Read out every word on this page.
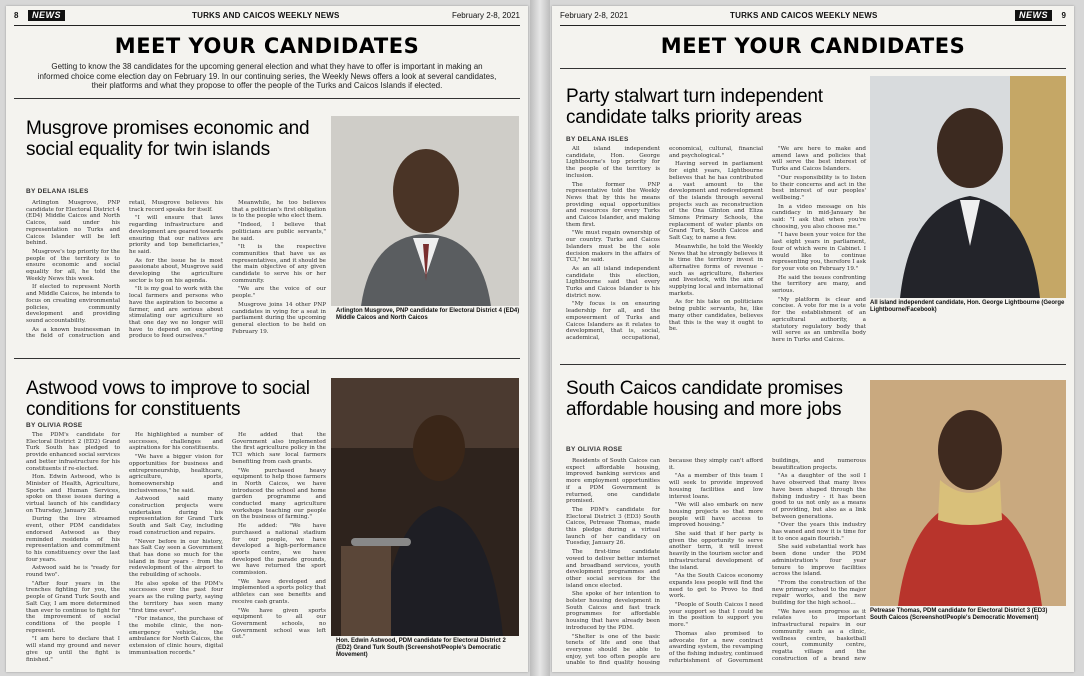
8	NEWS	TURKS AND CAICOS WEEKLY NEWS	February 2-8, 2021
MEET YOUR CANDIDATES
Getting to know the 38 candidates for the upcoming general election and what they have to offer is important in making an informed choice come election day on February 19. In our continuing series, the Weekly News offers a look at several candidates, their platforms and what they propose to offer the people of the Turks and Caicos Islands if elected.
Musgrove promises economic and social equality for twin islands
BY DELANA ISLES

Arlington Musgrove, PNP candidate for Electoral District 4 (ED4) Middle Caicos and North Caicos, said under his representation no Turks and Caicos Islander will be left behind.

Musgrove's top priority for the people of the territory is to ensure economic and social equality for all, he told the Weekly News this week.

If elected to represent North and Middle Caicos, he intends to focus on creating environmental policies, community development and providing sound accountability.

As a known businessman in the field of construction and retail, Musgrove believes his track record speaks for itself.

"I will ensure that laws regarding infrastructure and development are geared towards ensuring that our natives are priority and top beneficiaries," he said.

As for the issue he is most passionate about, Musgrove said developing the agriculture sector is top on his agenda.

"It is my goal to work with the local farmers and persons who have the aspiration to become a farmer, and are serious about stimulating our agriculture so that one day we no longer will have to depend on exporting produce to feed ourselves."

Meanwhile, he too believes that a politician's first obligation is to the people who elect them.

"Indeed, I believe that politicians are public servants," he said.

"It is the respective communities that have us as representatives, and it should be the main objective of any given candidate to serve his or her community.

"We are the voice of our people."

Musgrove joins 14 other PNP candidates in vying for a seat in parliament during the upcoming general election to be held on February 19.

Arlington Musgrove, PNP candidate for Electoral District 4 (ED4) Middle Caicos and North Caicos
Astwood vows to improve to social conditions for constituents
BY OLIVIA ROSE

The PDM's candidate for Electoral District 2 (ED2) Grand Turk South has pledged to provide enhanced social services and better infrastructure for his constituents if re-elected.

Hon. Edwin Astwood, who is Minister of Health, Agriculture, Sports and Human Services, spoke on these issues during a virtual launch of his candidacy on Thursday, January 28.

During the live streamed event, other PDM candidates endorsed Astwood as they reminded residents of his representation and commitment to his constituency over the last four years.

Astwood said he is "ready for round two".

"After four years in the trenches fighting for you, the people of Grand Turk South and Salt Cay, I am more determined than ever to continue to fight for the improvement of social conditions of the people I represent.

"I am here to declare that I will stand my ground and never give up until the fight is finished."

He highlighted a number of successes, challenges and aspirations for his constituents.

"We have a bigger vision for opportunities for business and entrepreneurship, healthcare, agriculture, sports, homeownership and inclusiveness," he said.

Astwood said many construction projects were undertaken during his representation for Grand Turk South and Salt Cay, including road construction and repairs.

"Never before in our history, has Salt Cay seen a Government that has done so much for the island in four years - from the redevelopment of the airport to the rebuilding of schools.

He also spoke of the PDM's successes over the past four years as the ruling party, saying the territory has seen many "first time ever".

"For instance, the purchase of the mobile clinic, the non-emergency vehicle, the ambulance for North Caicos, the extension of clinic hours, digital immunisation records."

He added that the Government also implemented the first agriculture policy in the TCI which saw local farmers benefiting from cash grants.

"We purchased heavy equipment to help those farmers in North Caicos, we have introduced the school and home garden programme and conducted many agriculture workshops teaching our people on the business of farming."

He added: "We have purchased a national stadium for our people, we have developed a high-performance sports centre, we have developed the parade grounds, we have returned the sport commission.

"We have developed and implemented a sports policy that athletes can see benefits and receive cash grants.

"We have given sports equipment to all our Government schools, no Government school was left out."

Hon. Edwin Astwood, PDM candidate for Electoral District 2 (ED2) Grand Turk South (Screenshot/People's Democratic Movement)
February 2-8, 2021	TURKS AND CAICOS WEEKLY NEWS	NEWS	9
MEET YOUR CANDIDATES
Party stalwart turn independent candidate talks priority areas
BY DELANA ISLES

All island independent candidate, Hon. George Lightbourne's top priority for the people of the territory is inclusion.

The former PNP representative told the Weekly News that by this he means providing equal opportunities and resources for every Turks and Caicos Islander, and making them first.

"We must regain ownership of our country. Turks and Caicos Islanders must be the sole decision makers in the affairs of TCI," he said.

As an all island independent candidate this election, Lightbourne said that every Turks and Caicos Islander is his district now.

"My focus is on ensuring leadership for all, and the empowerment of Turks and Caicos Islanders as it relates to development, that is, social, academical, occupational, economical, cultural, financial and psychological."

Having served in parliament for eight years, Lightbourne believes that he has contributed a vast amount to the development and redevelopment of the islands through several projects such as reconstruction of the Ona Glinton and Eliza Simons Primary Schools, the replacement of water plants on Grand Turk, South Caicos and Salt Cay, to name a few.

Meanwhile, he told the Weekly News that he strongly believes it is time the territory invest in alternative forms of revenue - such as agriculture, fisheries and livestock, with the aim of supplying local and international markets.

As for his take on politicians being public servants, he, like many other candidates, believes that this is the way it ought to be.

"We are here to make and amend laws and policies that will serve the best interest of Turks and Caicos Islanders.

"Our responsibility is to listen to their concerns and act in the best interest of our peoples' wellbeing."

In a video message on his candidacy in mid-January he said: "I ask that when you're choosing, you also choose me."

"I have been your voice for the last eight years in parliament, four of which were in Cabinet. I would like to continue representing you, therefore I ask for your vote on February 19."

He said the issues confronting the territory are many, and serious.

"My platform is clear and concise. A vote for me is a vote for the establishment of an agricultural authority, a statutory regulatory body that will serve as an umbrella body here in Turks and Caicos.

All island independent candidate, Hon. George Lightbourne (George Lightbourne/Facebook)
South Caicos candidate promises affordable housing and more jobs
BY OLIVIA ROSE

Residents of South Caicos can expect affordable housing, improved banking services and more employment opportunities if a PDM Government is returned, one candidate promised.

The PDM's candidate for Electoral District 3 (ED3) South Caicos, Petrease Thomas, made this pledge during a virtual launch of her candidacy on Tuesday, January 26.

The first-time candidate vowed to deliver better internet and broadband services, youth development programmes and other social services for the island once elected.

She spoke of her intention to bolster housing development in South Caicos and fast track programmes for affordable housing that have already been introduced by the PDM.

"Shelter is one of the basic tenets of life and one that everyone should be able to enjoy, yet too often people are unable to find quality housing because they simply can't afford it.

"As a member of this team I will seek to provide improved housing facilities and low interest loans.

"We will also embark on new housing projects so that more people will have access to improved housing."

She said that if her party is given the opportunity to serve another term, it will invest heavily in the tourism sector and infrastructural development of the island.

"As the South Caicos economy expands less people will find the need to get to Provo to find work.

"People of South Caicos I need your support so that I could be in the position to support you more."

Thomas also promised to advocate for a new contract awarding system, the revamping of the fishing industry, continued refurbishment of Government buildings, and numerous beautification projects.

"As a daughter of the soil I have observed that many lives have been shaped through the fishing industry - it has been good to us not only as a means of providing, but also as a link between generations.

"Over the years this industry has waned and now it is time for it to once again flourish."

She said substantial work has been done under the PDM administration's four year tenure to improve facilities across the island.

"From the construction of the new primary school to the major repair works, and the new building for the high school...

"We have seen progress as it relates to important infrastructural repairs in our community such as a clinic, wellness centre, basketball court, community centre, regatta village and the construction of a brand new

Petrease Thomas, PDM candidate for Electoral District 3 (ED3) South Caicos (Screenshot/People's Democratic Movement)
